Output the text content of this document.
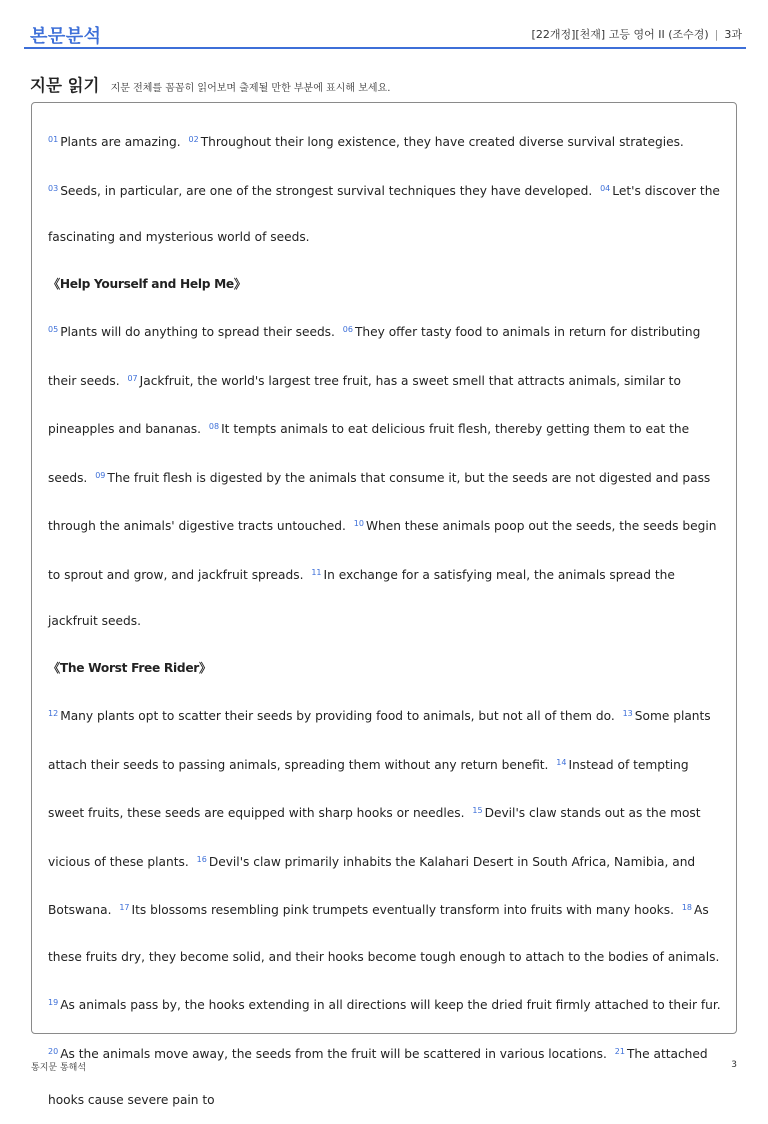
본문분석	[22개정][천재] 고등 영어 II (조수경) | 3과
지문 읽기 지문 전체를 꼼꼼히 읽어보며 출제될 만한 부분에 표시해 보세요.
$^{01}$ Plants are amazing. $^{02}$ Throughout their long existence, they have created diverse survival strategies. $^{03}$ Seeds, in particular, are one of the strongest survival techniques they have developed. $^{04}$ Let's discover the fascinating and mysterious world of seeds.
《Help Yourself and Help Me》
$^{05}$ Plants will do anything to spread their seeds. $^{06}$ They offer tasty food to animals in return for distributing their seeds. $^{07}$ Jackfruit, the world's largest tree fruit, has a sweet smell that attracts animals, similar to pineapples and bananas. $^{08}$ It tempts animals to eat delicious fruit flesh, thereby getting them to eat the seeds. $^{09}$ The fruit flesh is digested by the animals that consume it, but the seeds are not digested and pass through the animals' digestive tracts untouched. $^{10}$ When these animals poop out the seeds, the seeds begin to sprout and grow, and jackfruit spreads. $^{11}$ In exchange for a satisfying meal, the animals spread the jackfruit seeds.
《The Worst Free Rider》
$^{12}$ Many plants opt to scatter their seeds by providing food to animals, but not all of them do. $^{13}$ Some plants attach their seeds to passing animals, spreading them without any return benefit. $^{14}$ Instead of tempting sweet fruits, these seeds are equipped with sharp hooks or needles. $^{15}$ Devil's claw stands out as the most vicious of these plants. $^{16}$ Devil's claw primarily inhabits the Kalahari Desert in South Africa, Namibia, and Botswana. $^{17}$ Its blossoms resembling pink trumpets eventually transform into fruits with many hooks. $^{18}$ As these fruits dry, they become solid, and their hooks become tough enough to attach to the bodies of animals. $^{19}$ As animals pass by, the hooks extending in all directions will keep the dried fruit firmly attached to their fur. $^{20}$ As the animals move away, the seeds from the fruit will be scattered in various locations. $^{21}$ The attached hooks cause severe pain to
통지문 통해석	3
